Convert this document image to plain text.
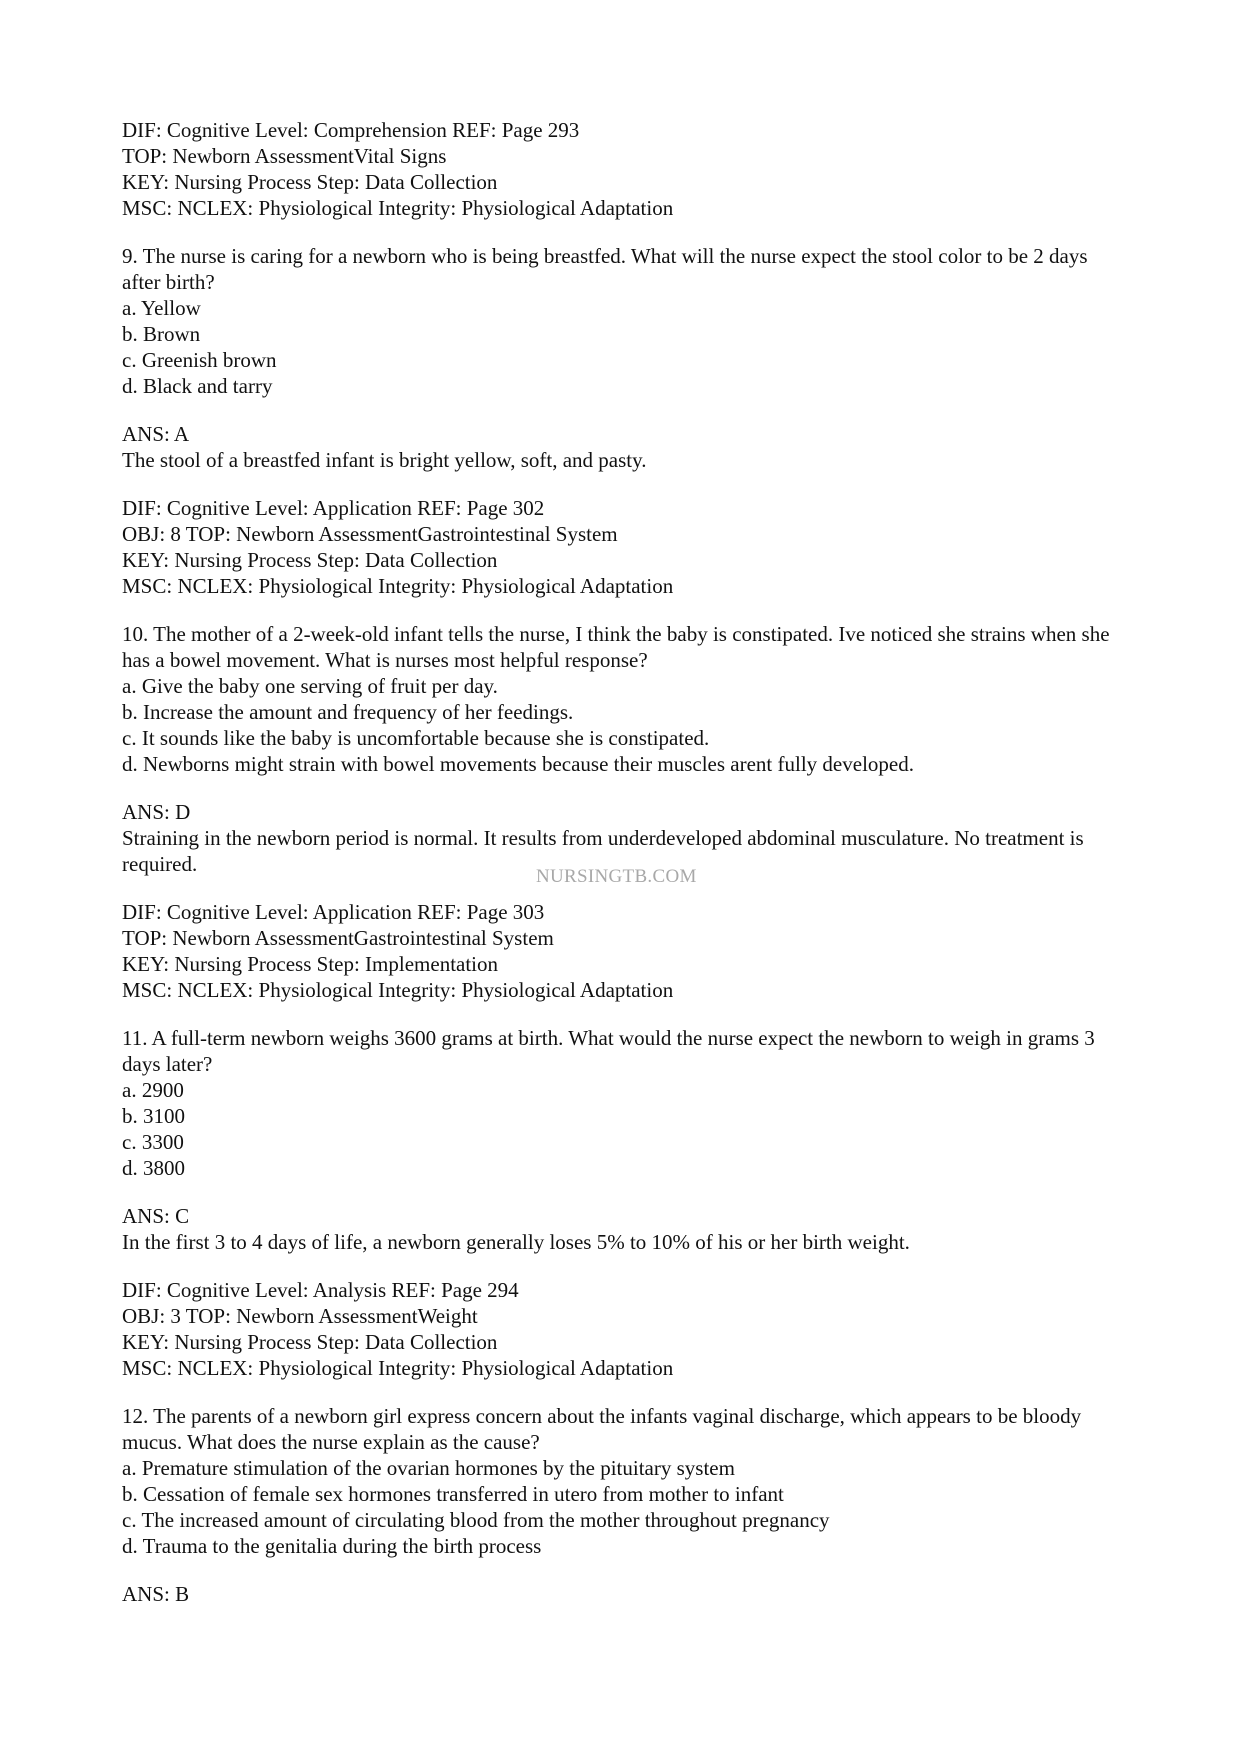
DIF: Cognitive Level: Comprehension REF: Page 293
TOP: Newborn AssessmentVital Signs
KEY: Nursing Process Step: Data Collection
MSC: NCLEX: Physiological Integrity: Physiological Adaptation
9. The nurse is caring for a newborn who is being breastfed. What will the nurse expect the stool color to be 2 days after birth?
a. Yellow
b. Brown
c. Greenish brown
d. Black and tarry
ANS: A
The stool of a breastfed infant is bright yellow, soft, and pasty.
DIF: Cognitive Level: Application REF: Page 302
OBJ: 8 TOP: Newborn AssessmentGastrointestinal System
KEY: Nursing Process Step: Data Collection
MSC: NCLEX: Physiological Integrity: Physiological Adaptation
10. The mother of a 2-week-old infant tells the nurse, I think the baby is constipated. Ive noticed she strains when she has a bowel movement. What is nurses most helpful response?
a. Give the baby one serving of fruit per day.
b. Increase the amount and frequency of her feedings.
c. It sounds like the baby is uncomfortable because she is constipated.
d. Newborns might strain with bowel movements because their muscles arent fully developed.
ANS: D
Straining in the newborn period is normal. It results from underdeveloped abdominal musculature. No treatment is required.
DIF: Cognitive Level: Application REF: Page 303
TOP: Newborn AssessmentGastrointestinal System
KEY: Nursing Process Step: Implementation
MSC: NCLEX: Physiological Integrity: Physiological Adaptation
11. A full-term newborn weighs 3600 grams at birth. What would the nurse expect the newborn to weigh in grams 3 days later?
a. 2900
b. 3100
c. 3300
d. 3800
ANS: C
In the first 3 to 4 days of life, a newborn generally loses 5% to 10% of his or her birth weight.
DIF: Cognitive Level: Analysis REF: Page 294
OBJ: 3 TOP: Newborn AssessmentWeight
KEY: Nursing Process Step: Data Collection
MSC: NCLEX: Physiological Integrity: Physiological Adaptation
12. The parents of a newborn girl express concern about the infants vaginal discharge, which appears to be bloody mucus. What does the nurse explain as the cause?
a. Premature stimulation of the ovarian hormones by the pituitary system
b. Cessation of female sex hormones transferred in utero from mother to infant
c. The increased amount of circulating blood from the mother throughout pregnancy
d. Trauma to the genitalia during the birth process
ANS: B
NURSINGTB.COM
